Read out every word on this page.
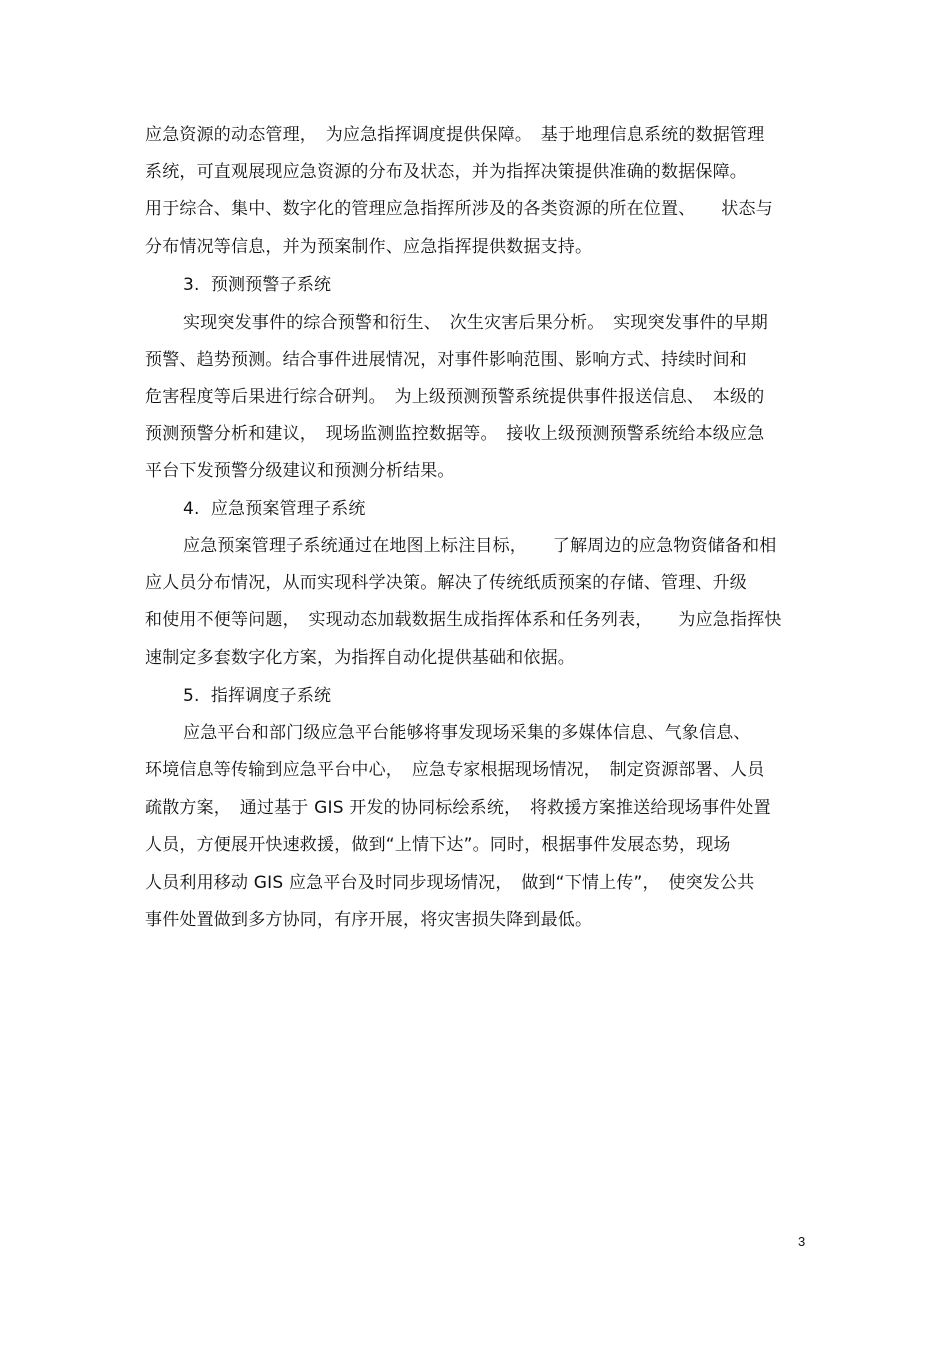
应急资源的动态管理，　为应急指挥调度提供保障。　基于地理信息系统的数据管理
系统，可直观展现应急资源的分布及状态，并为指挥决策提供准确的数据保障。
用于综合、集中、数字化的管理应急指挥所涉及的各类资源的所在位置、　　状态与
分布情况等信息，并为预案制作、应急指挥提供数据支持。
3.  预测预警子系统
实现突发事件的综合预警和衍生、　次生灾害后果分析。　实现突发事件的早期
预警、趋势预测。结合事件进展情况，对事件影响范围、影响方式、持续时间和
危害程度等后果进行综合研判。　为上级预测预警系统提供事件报送信息、　本级的
预测预警分析和建议，　现场监测监控数据等。　接收上级预测预警系统给本级应急
平台下发预警分级建议和预测分析结果。
4.  应急预案管理子系统
应急预案管理子系统通过在地图上标注目标，　　了解周边的应急物资储备和相
应人员分布情况，从而实现科学决策。解决了传统纸质预案的存储、管理、升级
和使用不便等问题，　实现动态加载数据生成指挥体系和任务列表，　　为应急指挥快
速制定多套数字化方案，为指挥自动化提供基础和依据。
5.  指挥调度子系统
应急平台和部门级应急平台能够将事发现场采集的多媒体信息、气象信息、
环境信息等传输到应急平台中心，　应急专家根据现场情况，　制定资源部署、人员
疏散方案，　通过基于 GIS 开发的协同标绘系统，　将救援方案推送给现场事件处置
人员，方便展开快速救援，做到“上情下达”。同时，根据事件发展态势，现场
人员利用移动 GIS 应急平台及时同步现场情况，　做到“下情上传”，　使突发公共
事件处置做到多方协同，有序开展，将灾害损失降到最低。
3
